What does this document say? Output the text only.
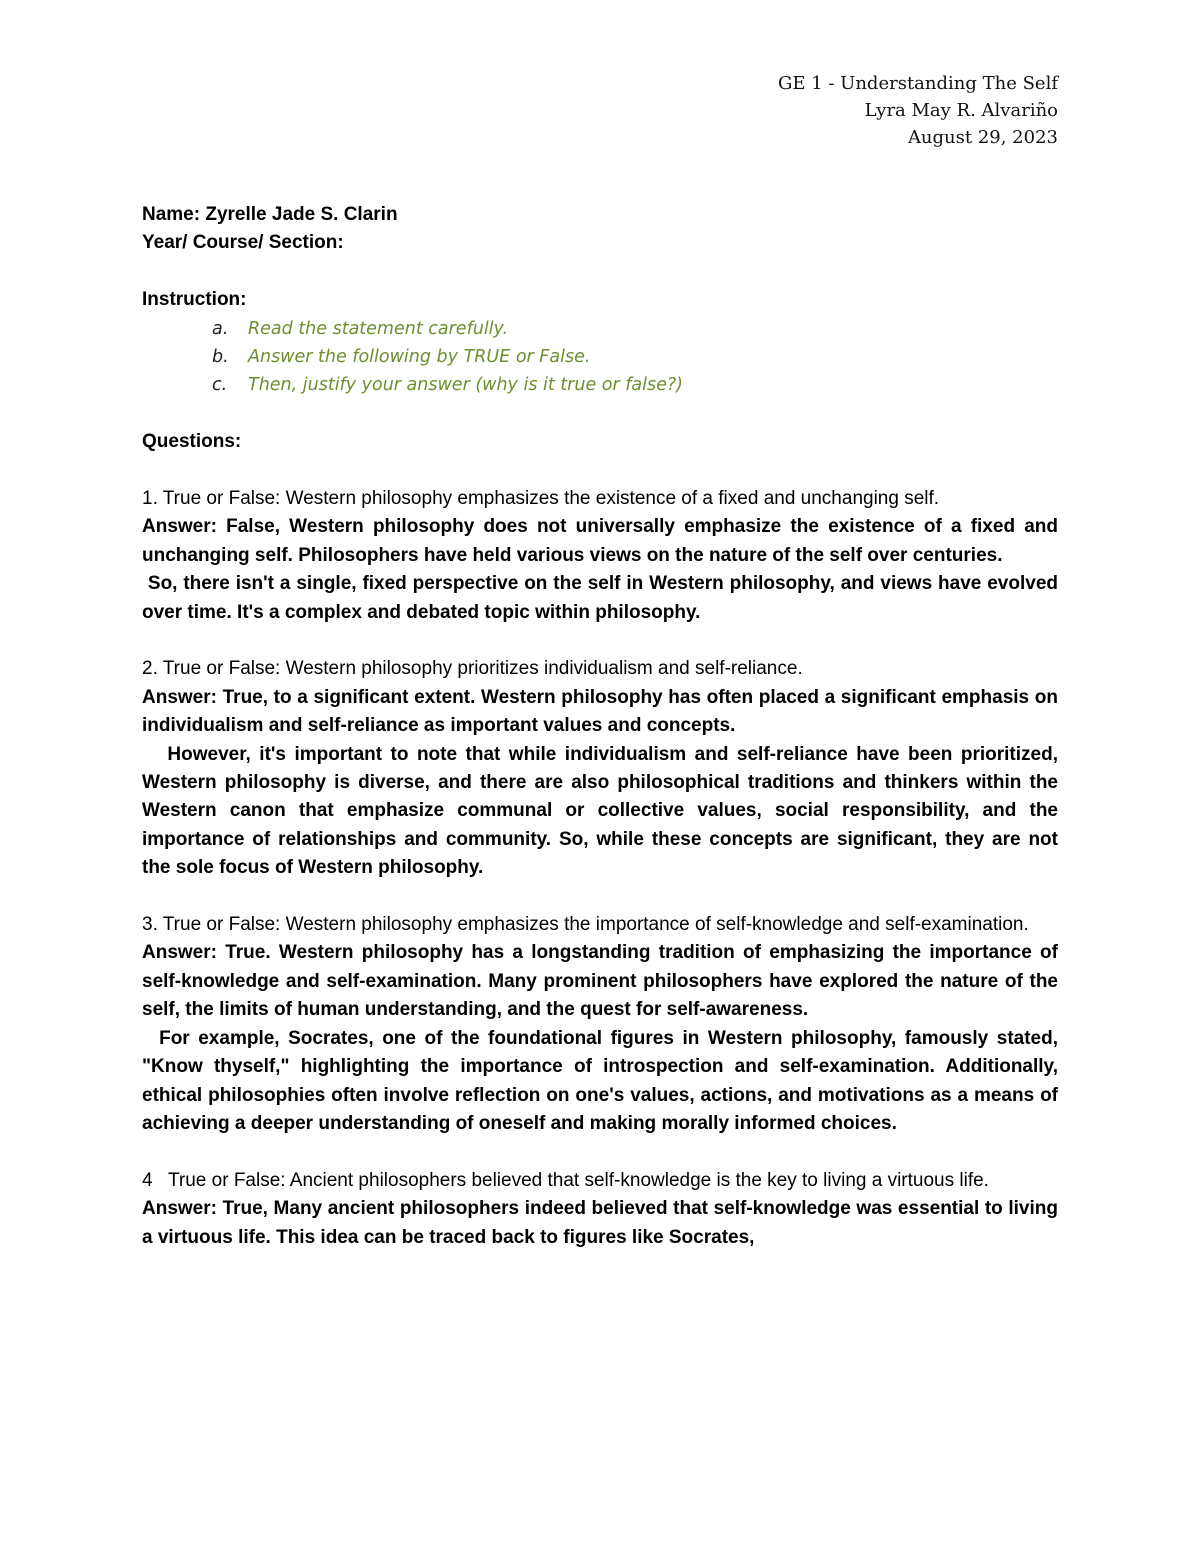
GE 1 - Understanding The Self
Lyra May R. Alvariño
August 29, 2023
Name: Zyrelle Jade S. Clarin
Year/ Course/ Section:
Instruction:
a.	Read the statement carefully.
b.	Answer the following by TRUE or False.
c.	Then, justify your answer (why is it true or false?)
Questions:
1. True or False: Western philosophy emphasizes the existence of a fixed and unchanging self.
Answer: False, Western philosophy does not universally emphasize the existence of a fixed and unchanging self. Philosophers have held various views on the nature of the self over centuries.
So, there isn't a single, fixed perspective on the self in Western philosophy, and views have evolved over time. It's a complex and debated topic within philosophy.
2. True or False: Western philosophy prioritizes individualism and self-reliance.
Answer: True, to a significant extent. Western philosophy has often placed a significant emphasis on individualism and self-reliance as important values and concepts.
However, it's important to note that while individualism and self-reliance have been prioritized, Western philosophy is diverse, and there are also philosophical traditions and thinkers within the Western canon that emphasize communal or collective values, social responsibility, and the importance of relationships and community. So, while these concepts are significant, they are not the sole focus of Western philosophy.
3. True or False: Western philosophy emphasizes the importance of self-knowledge and self-examination.
Answer: True. Western philosophy has a longstanding tradition of emphasizing the importance of self-knowledge and self-examination. Many prominent philosophers have explored the nature of the self, the limits of human understanding, and the quest for self-awareness.
For example, Socrates, one of the foundational figures in Western philosophy, famously stated, "Know thyself," highlighting the importance of introspection and self-examination. Additionally, ethical philosophies often involve reflection on one's values, actions, and motivations as a means of achieving a deeper understanding of oneself and making morally informed choices.
4 True or False: Ancient philosophers believed that self-knowledge is the key to living a virtuous life.
Answer: True, Many ancient philosophers indeed believed that self-knowledge was essential to living a virtuous life. This idea can be traced back to figures like Socrates,
